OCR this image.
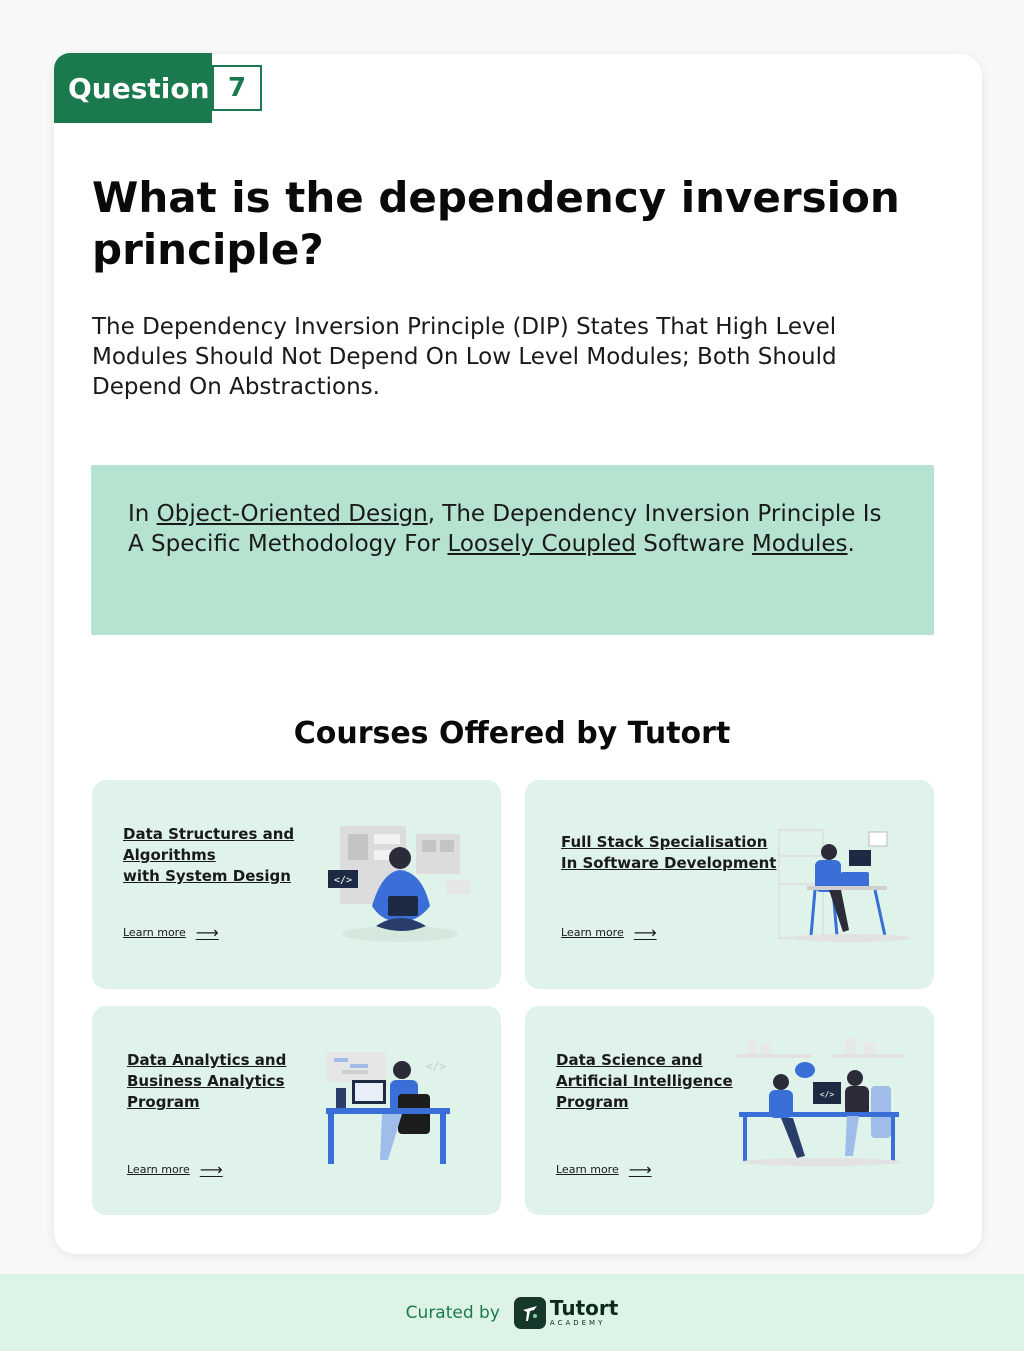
Question 7
What is the dependency inversion principle?

The Dependency Inversion Principle (DIP) States That High Level Modules Should Not Depend On Low Level Modules; Both Should Depend On Abstractions.

In Object-Oriented Design, The Dependency Inversion Principle Is A Specific Methodology For Loosely Coupled Software Modules.
Courses Offered by Tutort
Data Structures and
Algorithms
with System Design
Learn more ⟶
</>
Full Stack Specialisation
In Software Development
Learn more ⟶
Data Analytics and
Business Analytics
Program
Learn more ⟶
</>	Data Science and
Artificial Intelligence
Program
Learn more ⟶
</>
Curated by	Tutort
ACADEMY
